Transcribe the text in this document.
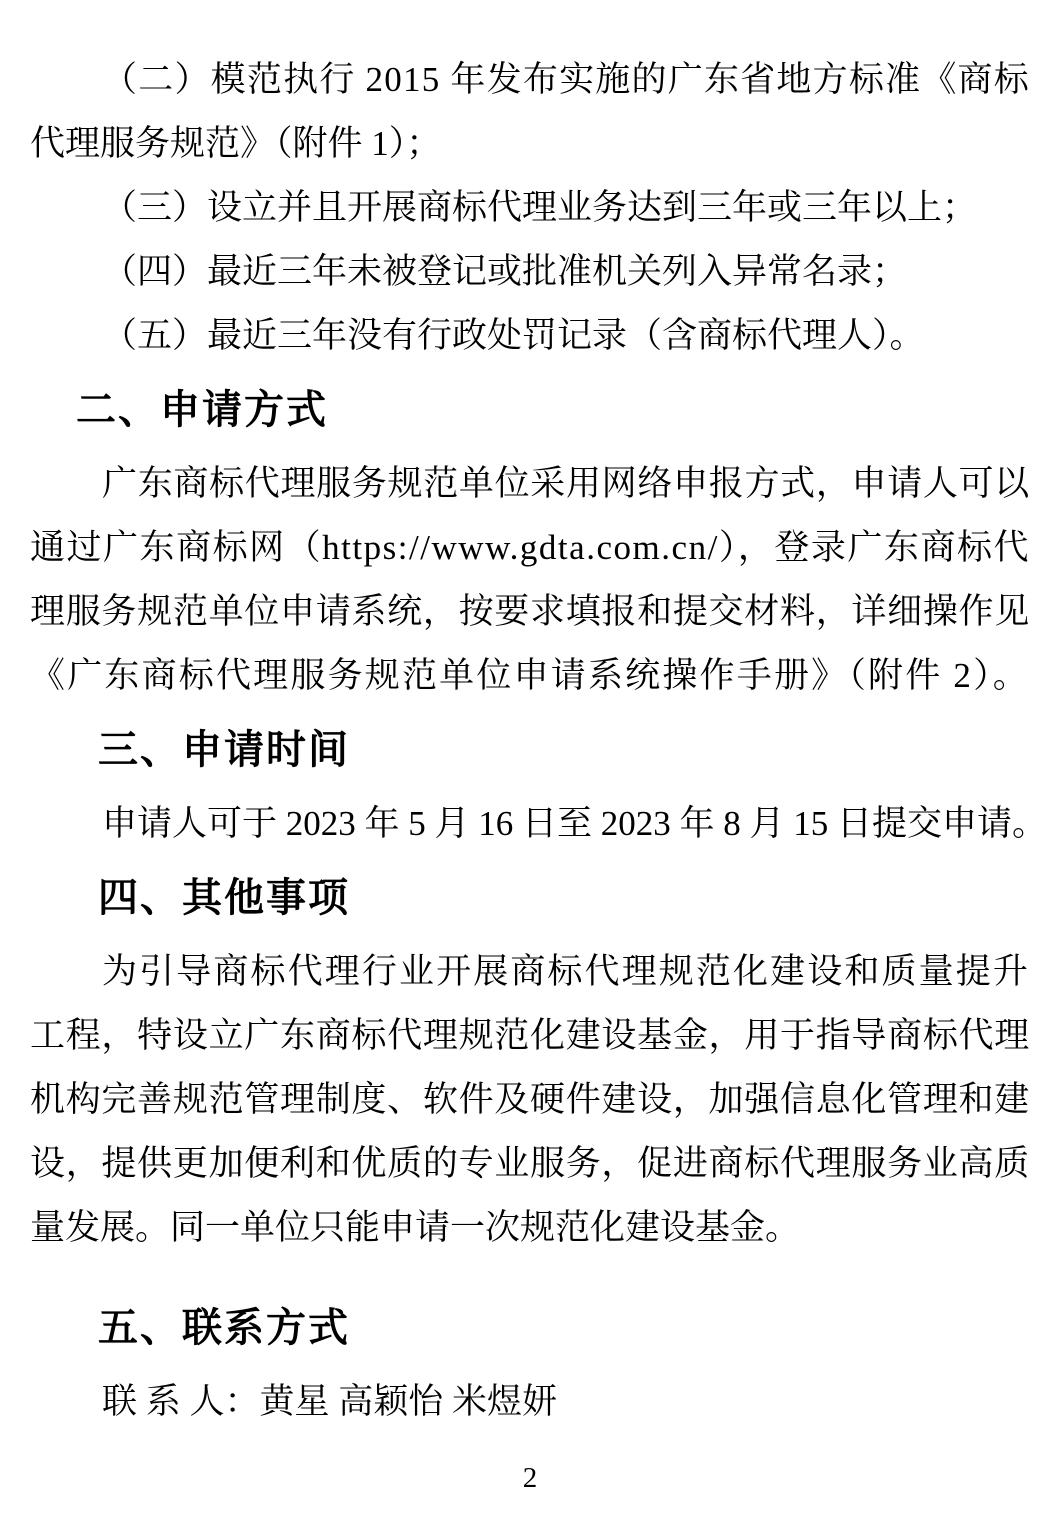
（二）模范执行 2015 年发布实施的广东省地方标准《商标
代理服务规范》（附件 1）；
（三）设立并且开展商标代理业务达到三年或三年以上；
（四）最近三年未被登记或批准机关列入异常名录；
（五）最近三年没有行政处罚记录（含商标代理人）。
二、申请方式
广东商标代理服务规范单位采用网络申报方式，申请人可以
通过广东商标网（https://www.gdta.com.cn/），登录广东商标代
理服务规范单位申请系统，按要求填报和提交材料，详细操作见
《广东商标代理服务规范单位申请系统操作手册》（附件 2）。
三、申请时间
申请人可于 2023 年 5 月 16 日至 2023 年 8 月 15 日提交申请。
四、其他事项
为引导商标代理行业开展商标代理规范化建设和质量提升
工程，特设立广东商标代理规范化建设基金，用于指导商标代理
机构完善规范管理制度、软件及硬件建设，加强信息化管理和建
设，提供更加便利和优质的专业服务，促进商标代理服务业高质
量发展。同一单位只能申请一次规范化建设基金。
五、联系方式
联 系 人：黄星 高颖怡 米煜妍
2
